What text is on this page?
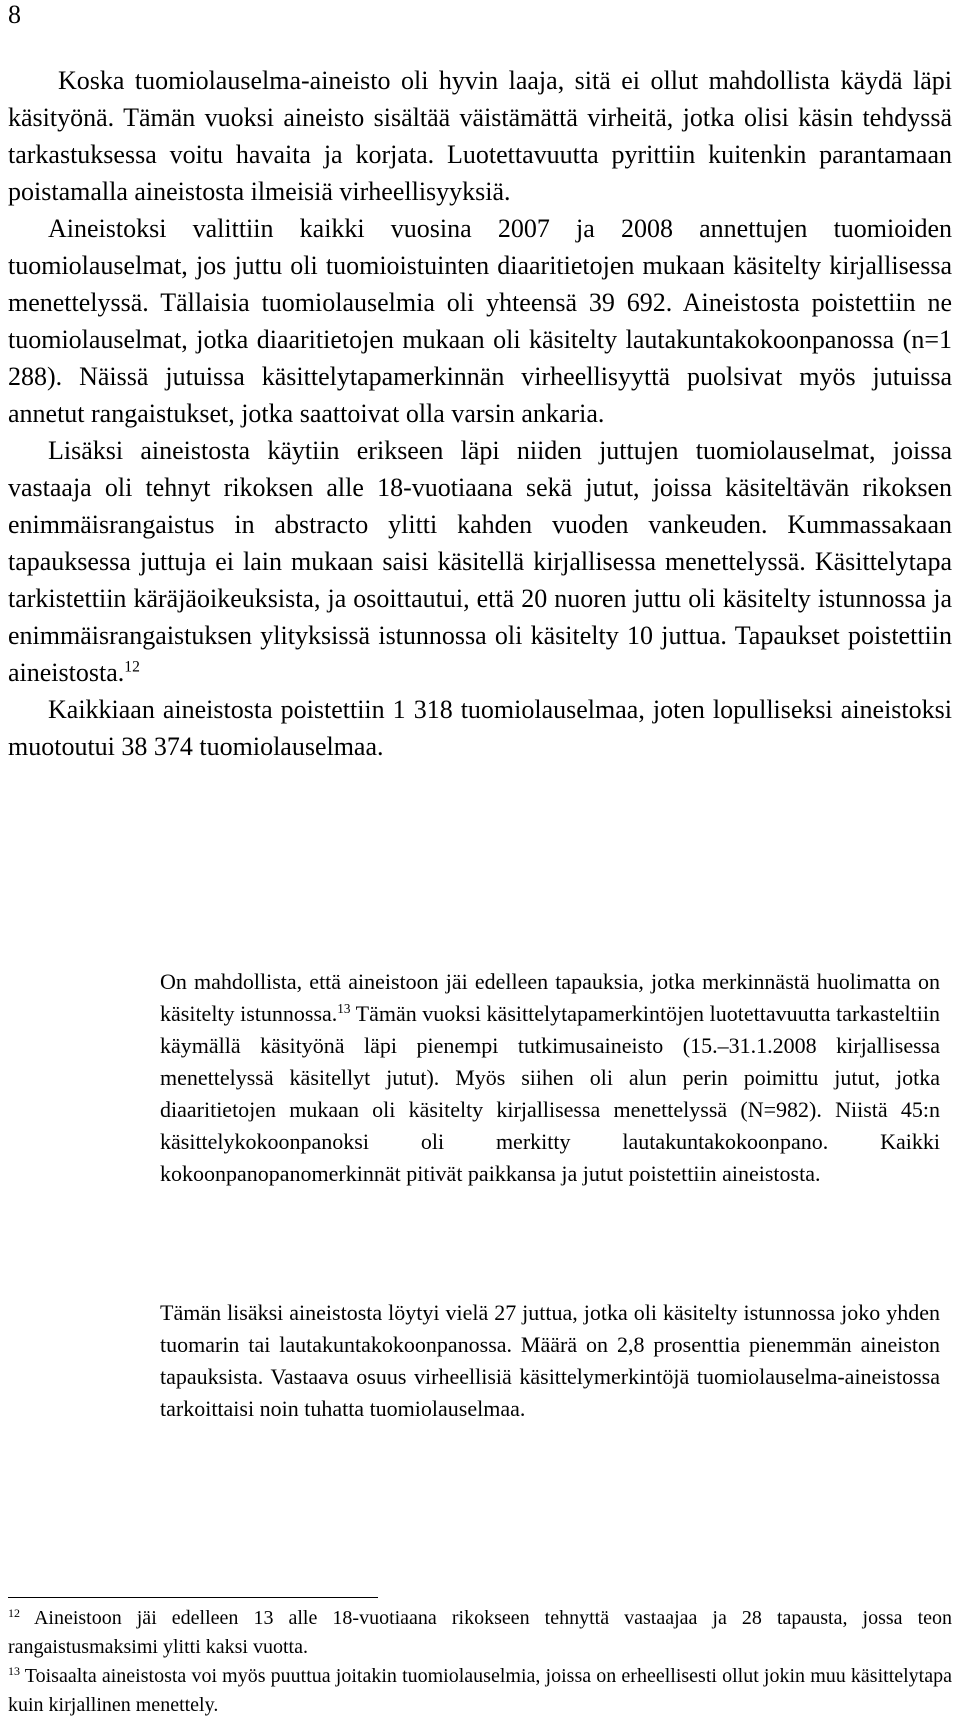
8

Koska tuomiolauselma-aineisto oli hyvin laaja, sitä ei ollut mahdollista käydä läpi käsityönä. Tämän vuoksi aineisto sisältää väistämättä virheitä, jotka olisi käsin tehdyssä tarkastuksessa voitu havaita ja korjata. Luotettavuutta pyrittiin kuitenkin parantamaan poistamalla aineistosta ilmeisiä virheellisyyksiä.

Aineistoksi valittiin kaikki vuosina 2007 ja 2008 annettujen tuomioiden tuomiolauselmat, jos juttu oli tuomioistuinten diaaritietojen mukaan käsitelty kirjallisessa menettelyssä. Tällaisia tuomiolauselmia oli yhteensä 39 692. Aineistosta poistettiin ne tuomiolauselmat, jotka diaaritietojen mukaan oli käsitelty lautakuntakokoonpanossa (n=1 288). Näissä jutuissa käsittelytapamerkinnän virheellisyyttä puolsivat myös jutuissa annetut rangaistukset, jotka saattoivat olla varsin ankaria.

Lisäksi aineistosta käytiin erikseen läpi niiden juttujen tuomiolauselmat, joissa vastaaja oli tehnyt rikoksen alle 18-vuotiaana sekä jutut, joissa käsiteltävän rikoksen enimmäisrangaistus in abstracto ylitti kahden vuoden vankeuden. Kummassakaan tapauksessa juttuja ei lain mukaan saisi käsitellä kirjallisessa menettelyssä. Käsittelytapa tarkistettiin käräjäoikeuksista, ja osoittautui, että 20 nuoren juttu oli käsitelty istunnossa ja enimmäisrangaistuksen ylityksissä istunnossa oli käsitelty 10 juttua. Tapaukset poistettiin aineistosta.$^{12}$

Kaikkiaan aineistosta poistettiin 1 318 tuomiolauselmaa, joten lopulliseksi aineistoksi muotoutui 38 374 tuomiolauselmaa.

On mahdollista, että aineistoon jäi edelleen tapauksia, jotka merkinnästä huolimatta on käsitelty istunnossa.$^{13}$ Tämän vuoksi käsittelytapamerkintöjen luotettavuutta tarkasteltiin käymällä käsityönä läpi pienempi tutkimusaineisto (15.–31.1.2008 kirjallisessa menettelyssä käsitellyt jutut). Myös siihen oli alun perin poimittu jutut, jotka diaaritietojen mukaan oli käsitelty kirjallisessa menettelyssä (N=982). Niistä 45:n käsittelykokoonpanoksi oli merkitty lautakuntakokoonpano. Kaikki kokoonpanopanomerkinnät pitivät paikkansa ja jutut poistettiin aineistosta.

Tämän lisäksi aineistosta löytyi vielä 27 juttua, jotka oli käsitelty istunnossa joko yhden tuomarin tai lautakuntakokoonpanossa. Määrä on 2,8 prosenttia pienemmän aineiston tapauksista. Vastaava osuus virheellisiä käsittelymerkintöjä tuomiolauselma-aineistossa tarkoittaisi noin tuhatta tuomiolauselmaa.

$^{12}$ Aineistoon jäi edelleen 13 alle 18-vuotiaana rikokseen tehnyttä vastaajaa ja 28 tapausta, jossa teon rangaistusmaksimi ylitti kaksi vuotta.

$^{13}$ Toisaalta aineistosta voi myös puuttua joitakin tuomiolauselmia, joissa on erheellisesti ollut jokin muu käsittelytapa kuin kirjallinen menettely.
